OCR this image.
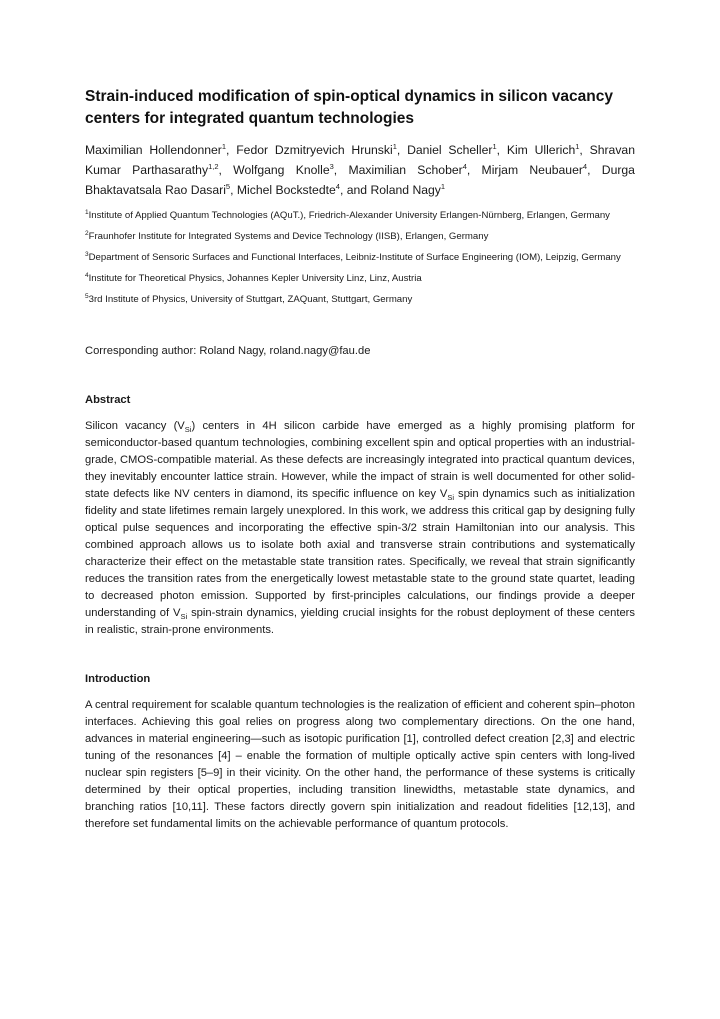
Strain-induced modification of spin-optical dynamics in silicon vacancy centers for integrated quantum technologies
Maximilian Hollendonner$^1$, Fedor Dzmitryevich Hrunski$^1$, Daniel Scheller$^1$, Kim Ullerich$^1$, Shravan Kumar Parthasarathy$^{1,2}$, Wolfgang Knolle$^3$, Maximilian Schober$^4$, Mirjam Neubauer$^4$, Durga Bhaktavatsala Rao Dasari$^5$, Michel Bockstedte$^4$, and Roland Nagy$^1$
$^1$Institute of Applied Quantum Technologies (AQuT.), Friedrich-Alexander University Erlangen-Nürnberg, Erlangen, Germany
$^2$Fraunhofer Institute for Integrated Systems and Device Technology (IISB), Erlangen, Germany
$^3$Department of Sensoric Surfaces and Functional Interfaces, Leibniz-Institute of Surface Engineering (IOM), Leipzig, Germany
$^4$Institute for Theoretical Physics, Johannes Kepler University Linz, Linz, Austria
$^5$3rd Institute of Physics, University of Stuttgart, ZAQuant, Stuttgart, Germany
Corresponding author: Roland Nagy, roland.nagy@fau.de
Abstract
Silicon vacancy $(V_{Si})$ centers in 4H silicon carbide have emerged as a highly promising platform for semiconductor-based quantum technologies, combining excellent spin and optical properties with an industrial-grade, CMOS-compatible material. As these defects are increasingly integrated into practical quantum devices, they inevitably encounter lattice strain. However, while the impact of strain is well documented for other solid-state defects like NV centers in diamond, its specific influence on key $V_{Si}$ spin dynamics such as initialization fidelity and state lifetimes remain largely unexplored. In this work, we address this critical gap by designing fully optical pulse sequences and incorporating the effective spin-3/2 strain Hamiltonian into our analysis. This combined approach allows us to isolate both axial and transverse strain contributions and systematically characterize their effect on the metastable state transition rates. Specifically, we reveal that strain significantly reduces the transition rates from the energetically lowest metastable state to the ground state quartet, leading to decreased photon emission. Supported by first-principles calculations, our findings provide a deeper understanding of $V_{Si}$ spin-strain dynamics, yielding crucial insights for the robust deployment of these centers in realistic, strain-prone environments.
Introduction
A central requirement for scalable quantum technologies is the realization of efficient and coherent spin–photon interfaces. Achieving this goal relies on progress along two complementary directions. On the one hand, advances in material engineering—such as isotopic purification [1], controlled defect creation [2,3] and electric tuning of the resonances [4] – enable the formation of multiple optically active spin centers with long-lived nuclear spin registers [5–9] in their vicinity. On the other hand, the performance of these systems is critically determined by their optical properties, including transition linewidths, metastable state dynamics, and branching ratios [10,11]. These factors directly govern spin initialization and readout fidelities [12,13], and therefore set fundamental limits on the achievable performance of quantum protocols.
